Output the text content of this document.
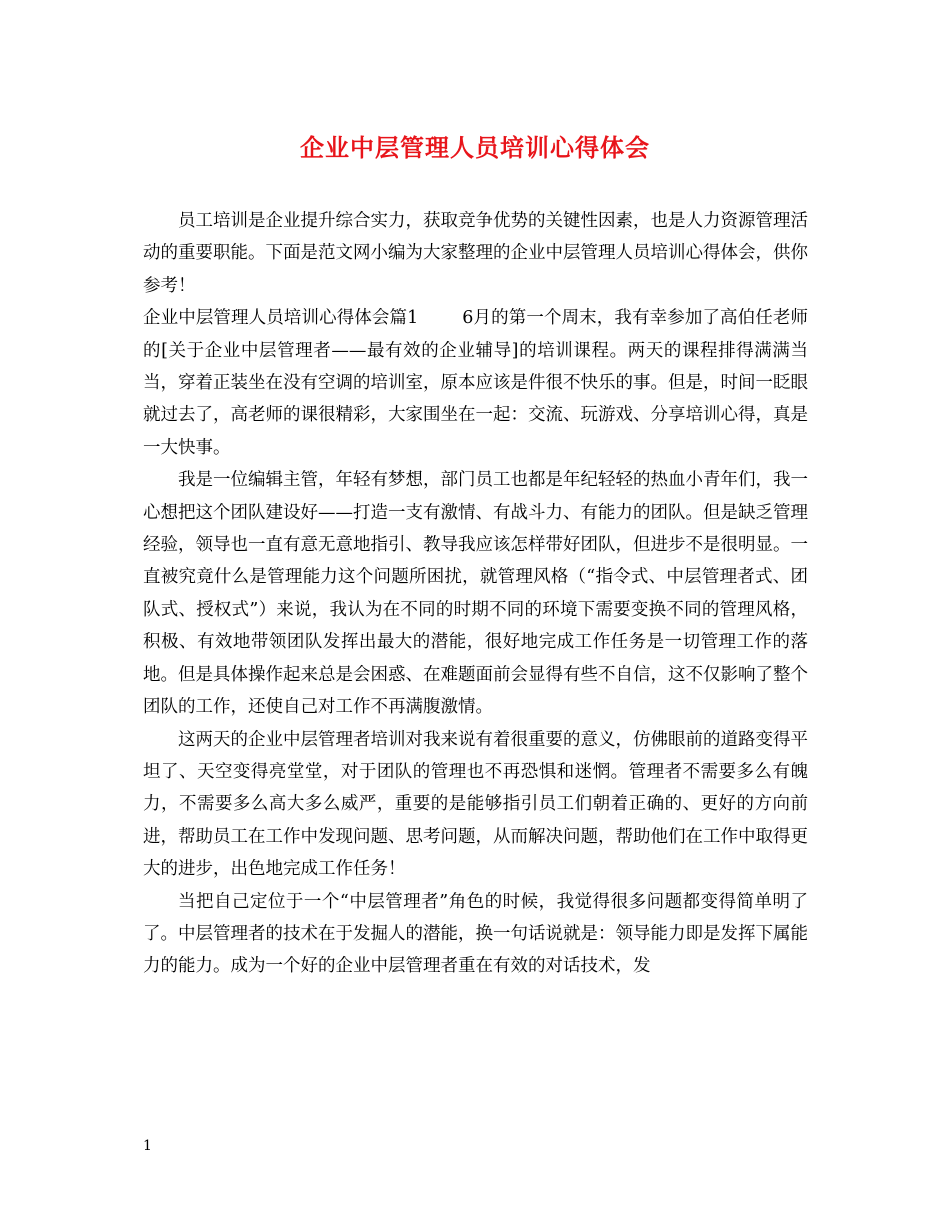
企业中层管理人员培训心得体会

员工培训是企业提升综合实力，获取竞争优势的关键性因素，也是人力资源管理活动的重要职能。下面是范文网小编为大家整理的企业中层管理人员培训心得体会，供你参考！

企业中层管理人员培训心得体会篇1	6月的第一个周末，我有幸参加了高伯任老师的[关于企业中层管理者——最有效的企业辅导]的培训课程。两天的课程排得满满当当，穿着正装坐在没有空调的培训室，原本应该是件很不快乐的事。但是，时间一眨眼就过去了，高老师的课很精彩，大家围坐在一起：交流、玩游戏、分享培训心得，真是一大快事。

我是一位编辑主管，年轻有梦想，部门员工也都是年纪轻轻的热血小青年们，我一心想把这个团队建设好——打造一支有激情、有战斗力、有能力的团队。但是缺乏管理经验，领导也一直有意无意地指引、教导我应该怎样带好团队，但进步不是很明显。一直被究竟什么是管理能力这个问题所困扰，就管理风格（“指令式、中层管理者式、团队式、授权式”）来说，我认为在不同的时期不同的环境下需要变换不同的管理风格，积极、有效地带领团队发挥出最大的潜能，很好地完成工作任务是一切管理工作的落地。但是具体操作起来总是会困惑、在难题面前会显得有些不自信，这不仅影响了整个团队的工作，还使自己对工作不再满腹激情。

这两天的企业中层管理者培训对我来说有着很重要的意义，仿佛眼前的道路变得平坦了、天空变得亮堂堂，对于团队的管理也不再恐惧和迷惘。管理者不需要多么有魄力，不需要多么高大多么威严，重要的是能够指引员工们朝着正确的、更好的方向前进，帮助员工在工作中发现问题、思考问题，从而解决问题，帮助他们在工作中取得更大的进步，出色地完成工作任务！

当把自己定位于一个“中层管理者”角色的时候，我觉得很多问题都变得简单明了了。中层管理者的技术在于发掘人的潜能，换一句话说就是：领导能力即是发挥下属能力的能力。成为一个好的企业中层管理者重在有效的对话技术，发

1
